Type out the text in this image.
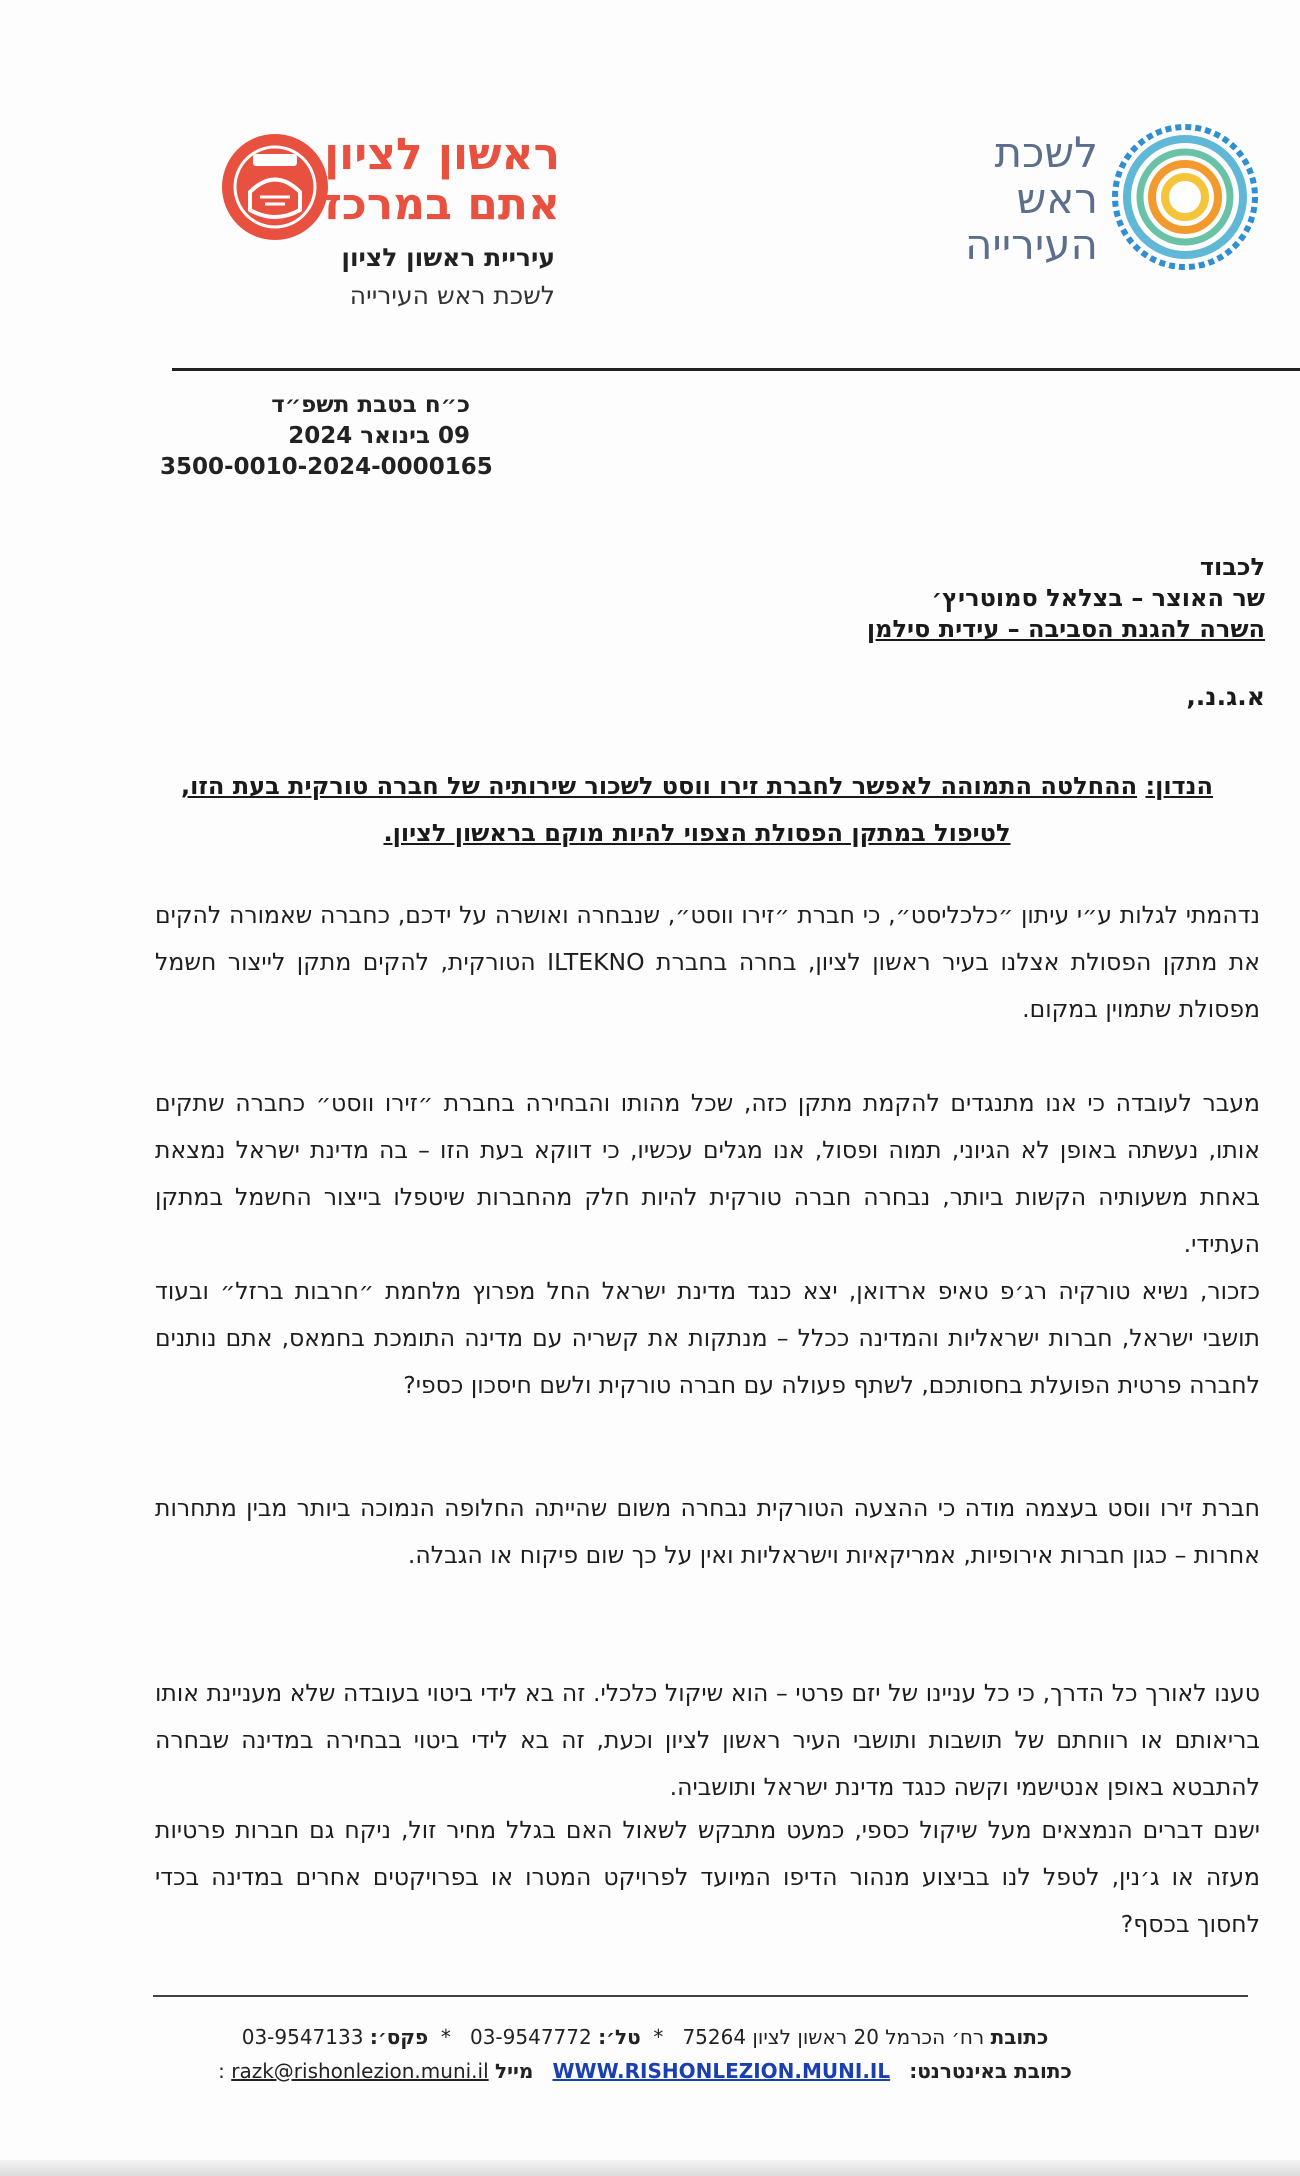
לשכת
ראש
העירייה
ראשון לציון
אתם במרכז
עיריית ראשון לציון
לשכת ראש העירייה
כ״ח בטבת תשפ״ד
09 בינואר 2024
3500-0010-2024-0000165
לכבוד
שר האוצר – בצלאל סמוטריץ׳
השרה להגנת הסביבה – עידית סילמן
א.ג.נ.,
הנדון: ההחלטה התמוהה לאפשר לחברת זירו ווסט לשכור שירותיה של חברה טורקית בעת הזו,
לטיפול במתקן הפסולת הצפוי להיות מוקם בראשון לציון.
נדהמתי לגלות ע״י עיתון ״כלכליסט״, כי חברת ״זירו ווסט״, שנבחרה ואושרה על ידכם, כחברה שאמורה להקים את מתקן הפסולת אצלנו בעיר ראשון לציון, בחרה בחברת ILTEKNO הטורקית, להקים מתקן לייצור חשמל מפסולת שתמוין במקום.
מעבר לעובדה כי אנו מתנגדים להקמת מתקן כזה, שכל מהותו והבחירה בחברת ״זירו ווסט״ כחברה שתקים אותו, נעשתה באופן לא הגיוני, תמוה ופסול, אנו מגלים עכשיו, כי דווקא בעת הזו – בה מדינת ישראל נמצאת באחת משעותיה הקשות ביותר, נבחרה חברה טורקית להיות חלק מהחברות שיטפלו בייצור החשמל במתקן העתידי.
כזכור, נשיא טורקיה רג׳פ טאיפ ארדואן, יצא כנגד מדינת ישראל החל מפרוץ מלחמת ״חרבות ברזל״ ובעוד תושבי ישראל, חברות ישראליות והמדינה ככלל – מנתקות את קשריה עם מדינה התומכת בחמאס, אתם נותנים לחברה פרטית הפועלת בחסותכם, לשתף פעולה עם חברה טורקית ולשם חיסכון כספי?
חברת זירו ווסט בעצמה מודה כי ההצעה הטורקית נבחרה משום שהייתה החלופה הנמוכה ביותר מבין מתחרות אחרות – כגון חברות אירופיות, אמריקאיות וישראליות ואין על כך שום פיקוח או הגבלה.
טענו לאורך כל הדרך, כי כל עניינו של יזם פרטי – הוא שיקול כלכלי. זה בא לידי ביטוי בעובדה שלא מעניינת אותו בריאותם או רווחתם של תושבות ותושבי העיר ראשון לציון וכעת, זה בא לידי ביטוי בבחירה במדינה שבחרה להתבטא באופן אנטישמי וקשה כנגד מדינת ישראל ותושביה.
ישנם דברים הנמצאים מעל שיקול כספי, כמעט מתבקש לשאול האם בגלל מחיר זול, ניקח גם חברות פרטיות מעזה או ג׳נין, לטפל לנו בביצוע מנהור הדיפו המיועד לפרויקט המטרו או בפרויקטים אחרים במדינה בכדי לחסוך בכסף?
כתובת רח׳ הכרמל 20 ראשון לציון 75264   *  טל׳: 03-9547772   *  פקס׳: 03-9547133
כתובת באינטרנט:   WWW.RISHONLEZION.MUNI.IL   מייל razk@rishonlezion.muni.il :
